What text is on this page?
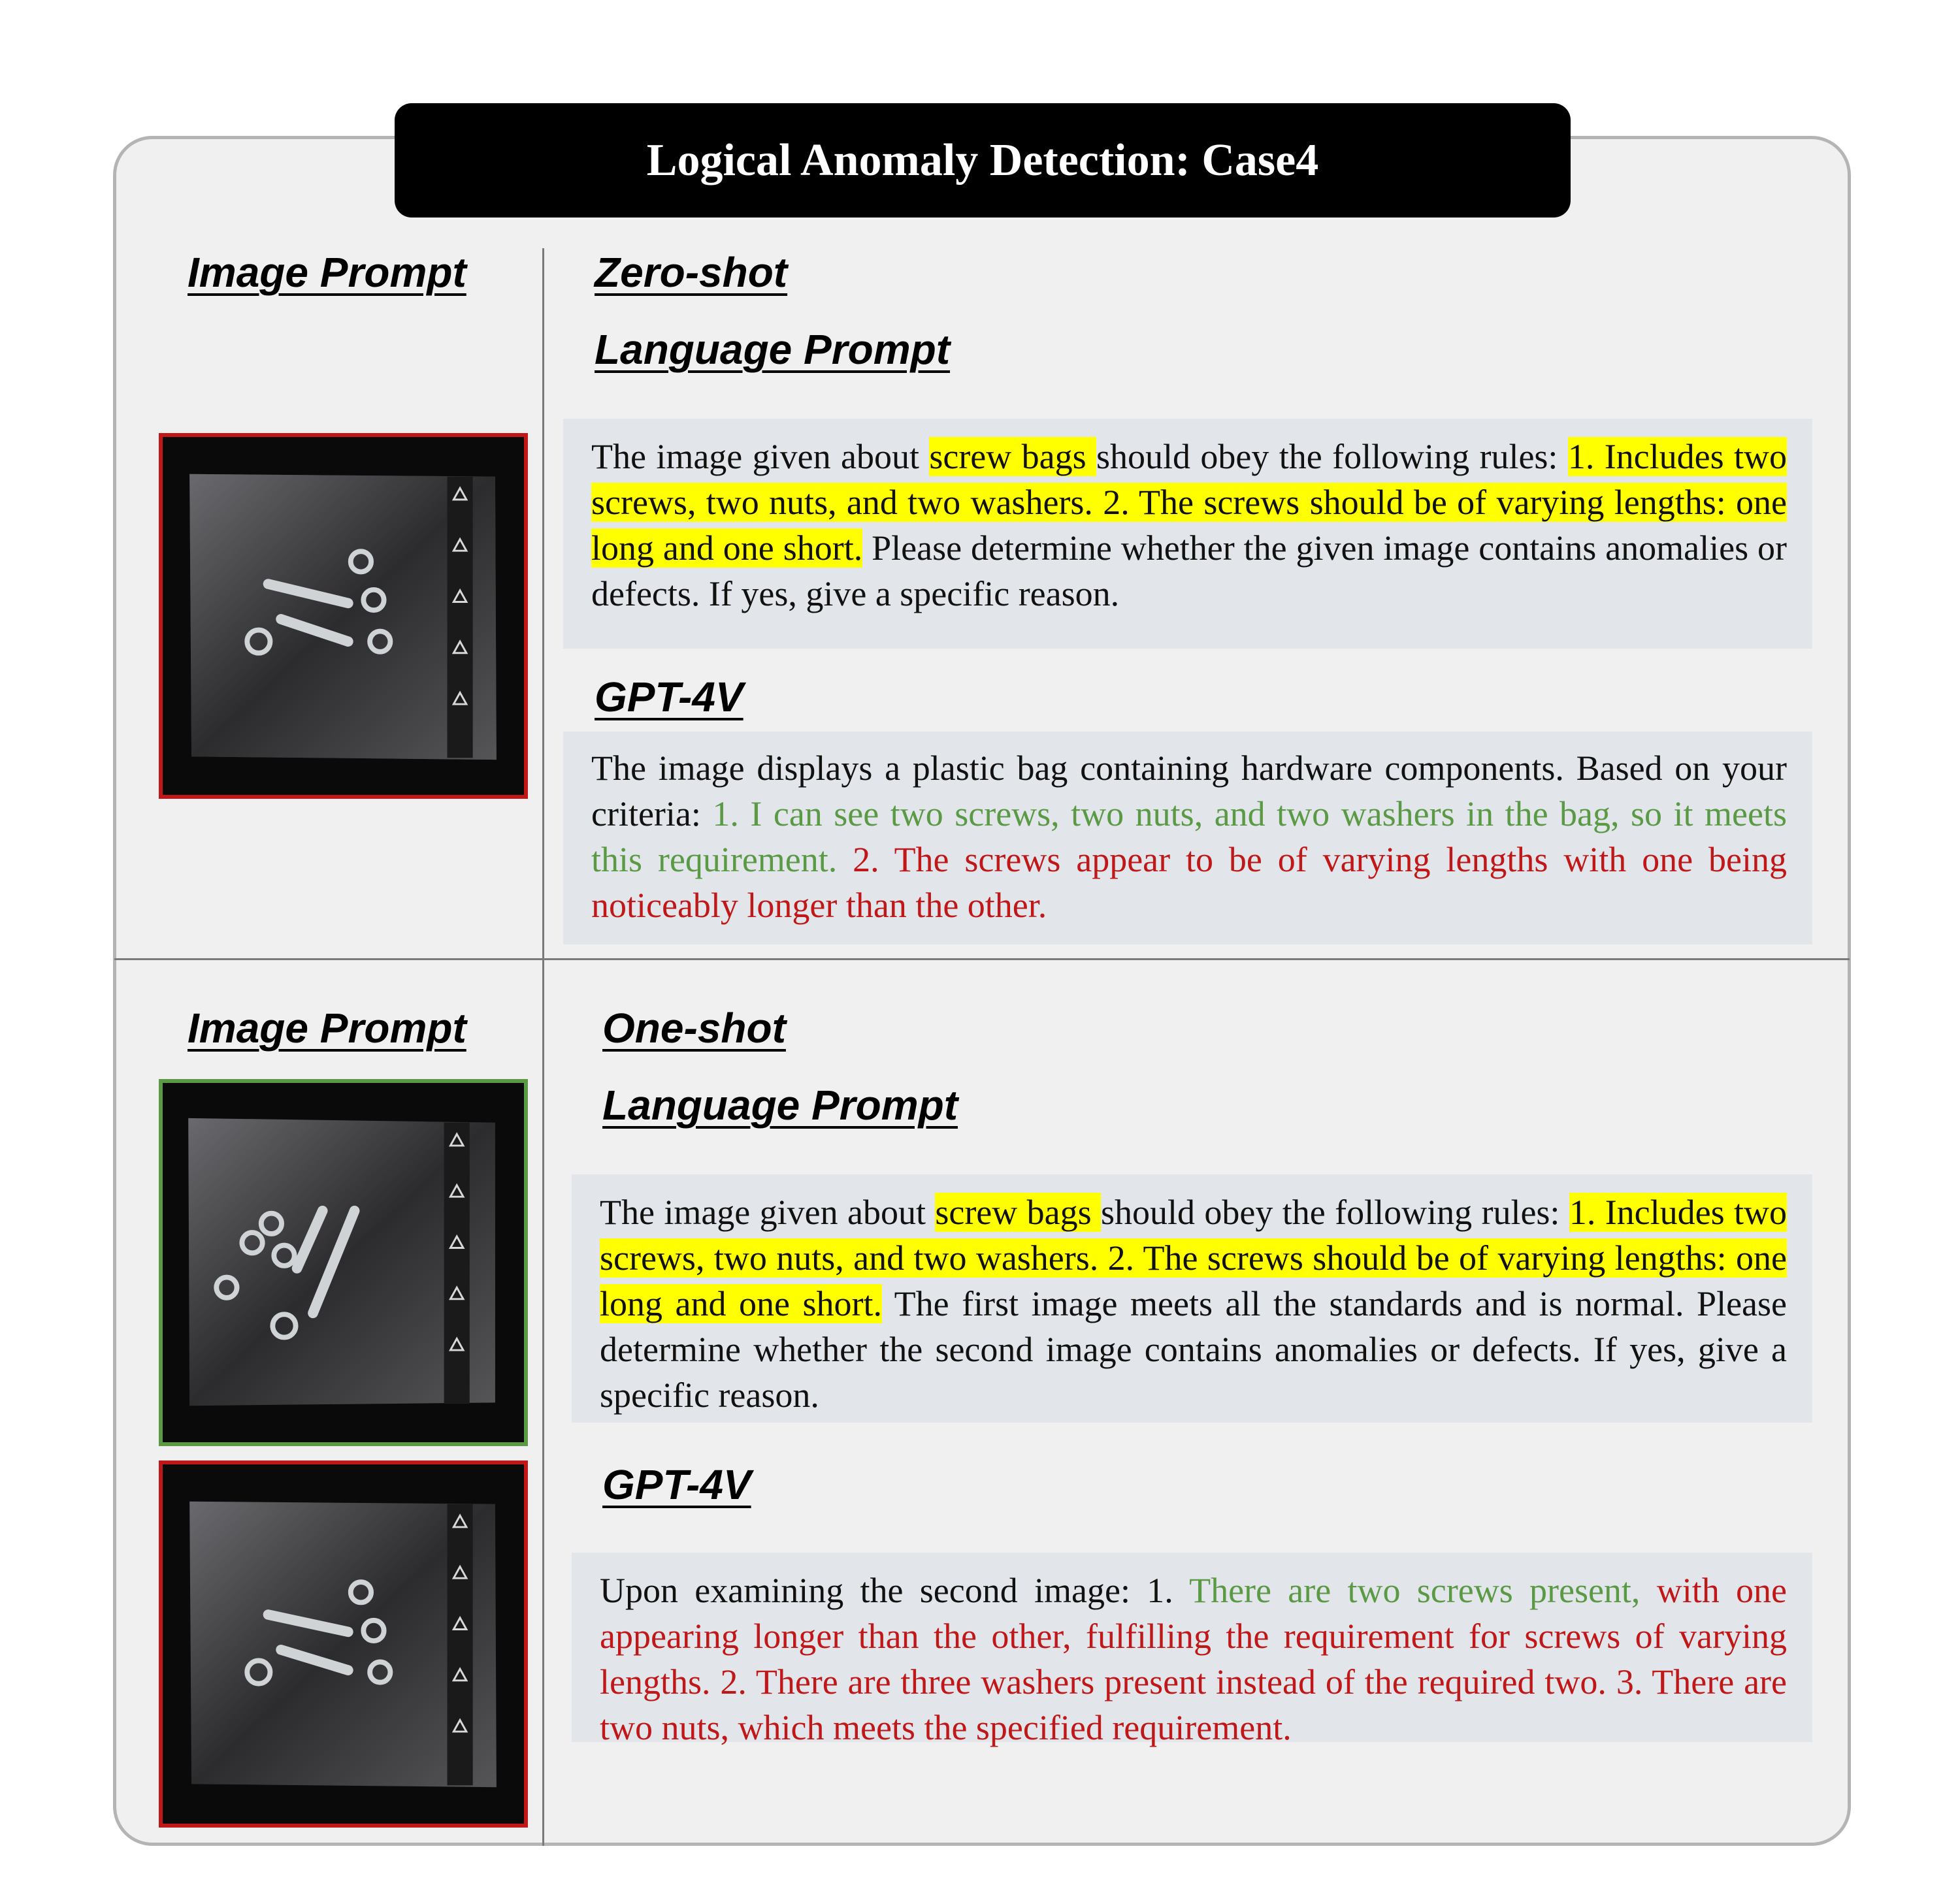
Logical Anomaly Detection: Case4
Image Prompt	Zero-shot
Language Prompt
The image given about screw bags should obey the following rules: 1. Includes two screws, two nuts, and two washers. 2. The screws should be of varying lengths: one long and one short. Please determine whether the given image contains anomalies or defects. If yes, give a specific reason.
GPT-4V
The image displays a plastic bag containing hardware components. Based on your criteria: 1. I can see two screws, two nuts, and two washers in the bag, so it meets this requirement. 2. The screws appear to be of varying lengths with one being noticeably longer than the other.
Image Prompt	One-shot
Language Prompt
The image given about screw bags should obey the following rules: 1. Includes two screws, two nuts, and two washers. 2. The screws should be of varying lengths: one long and one short. The first image meets all the standards and is normal. Please determine whether the second image contains anomalies or defects. If yes, give a specific reason.
GPT-4V
Upon examining the second image: 1. There are two screws present, with one appearing longer than the other, fulfilling the requirement for screws of varying lengths. 2. There are three washers present instead of the required two. 3. There are two nuts, which meets the specified requirement.
